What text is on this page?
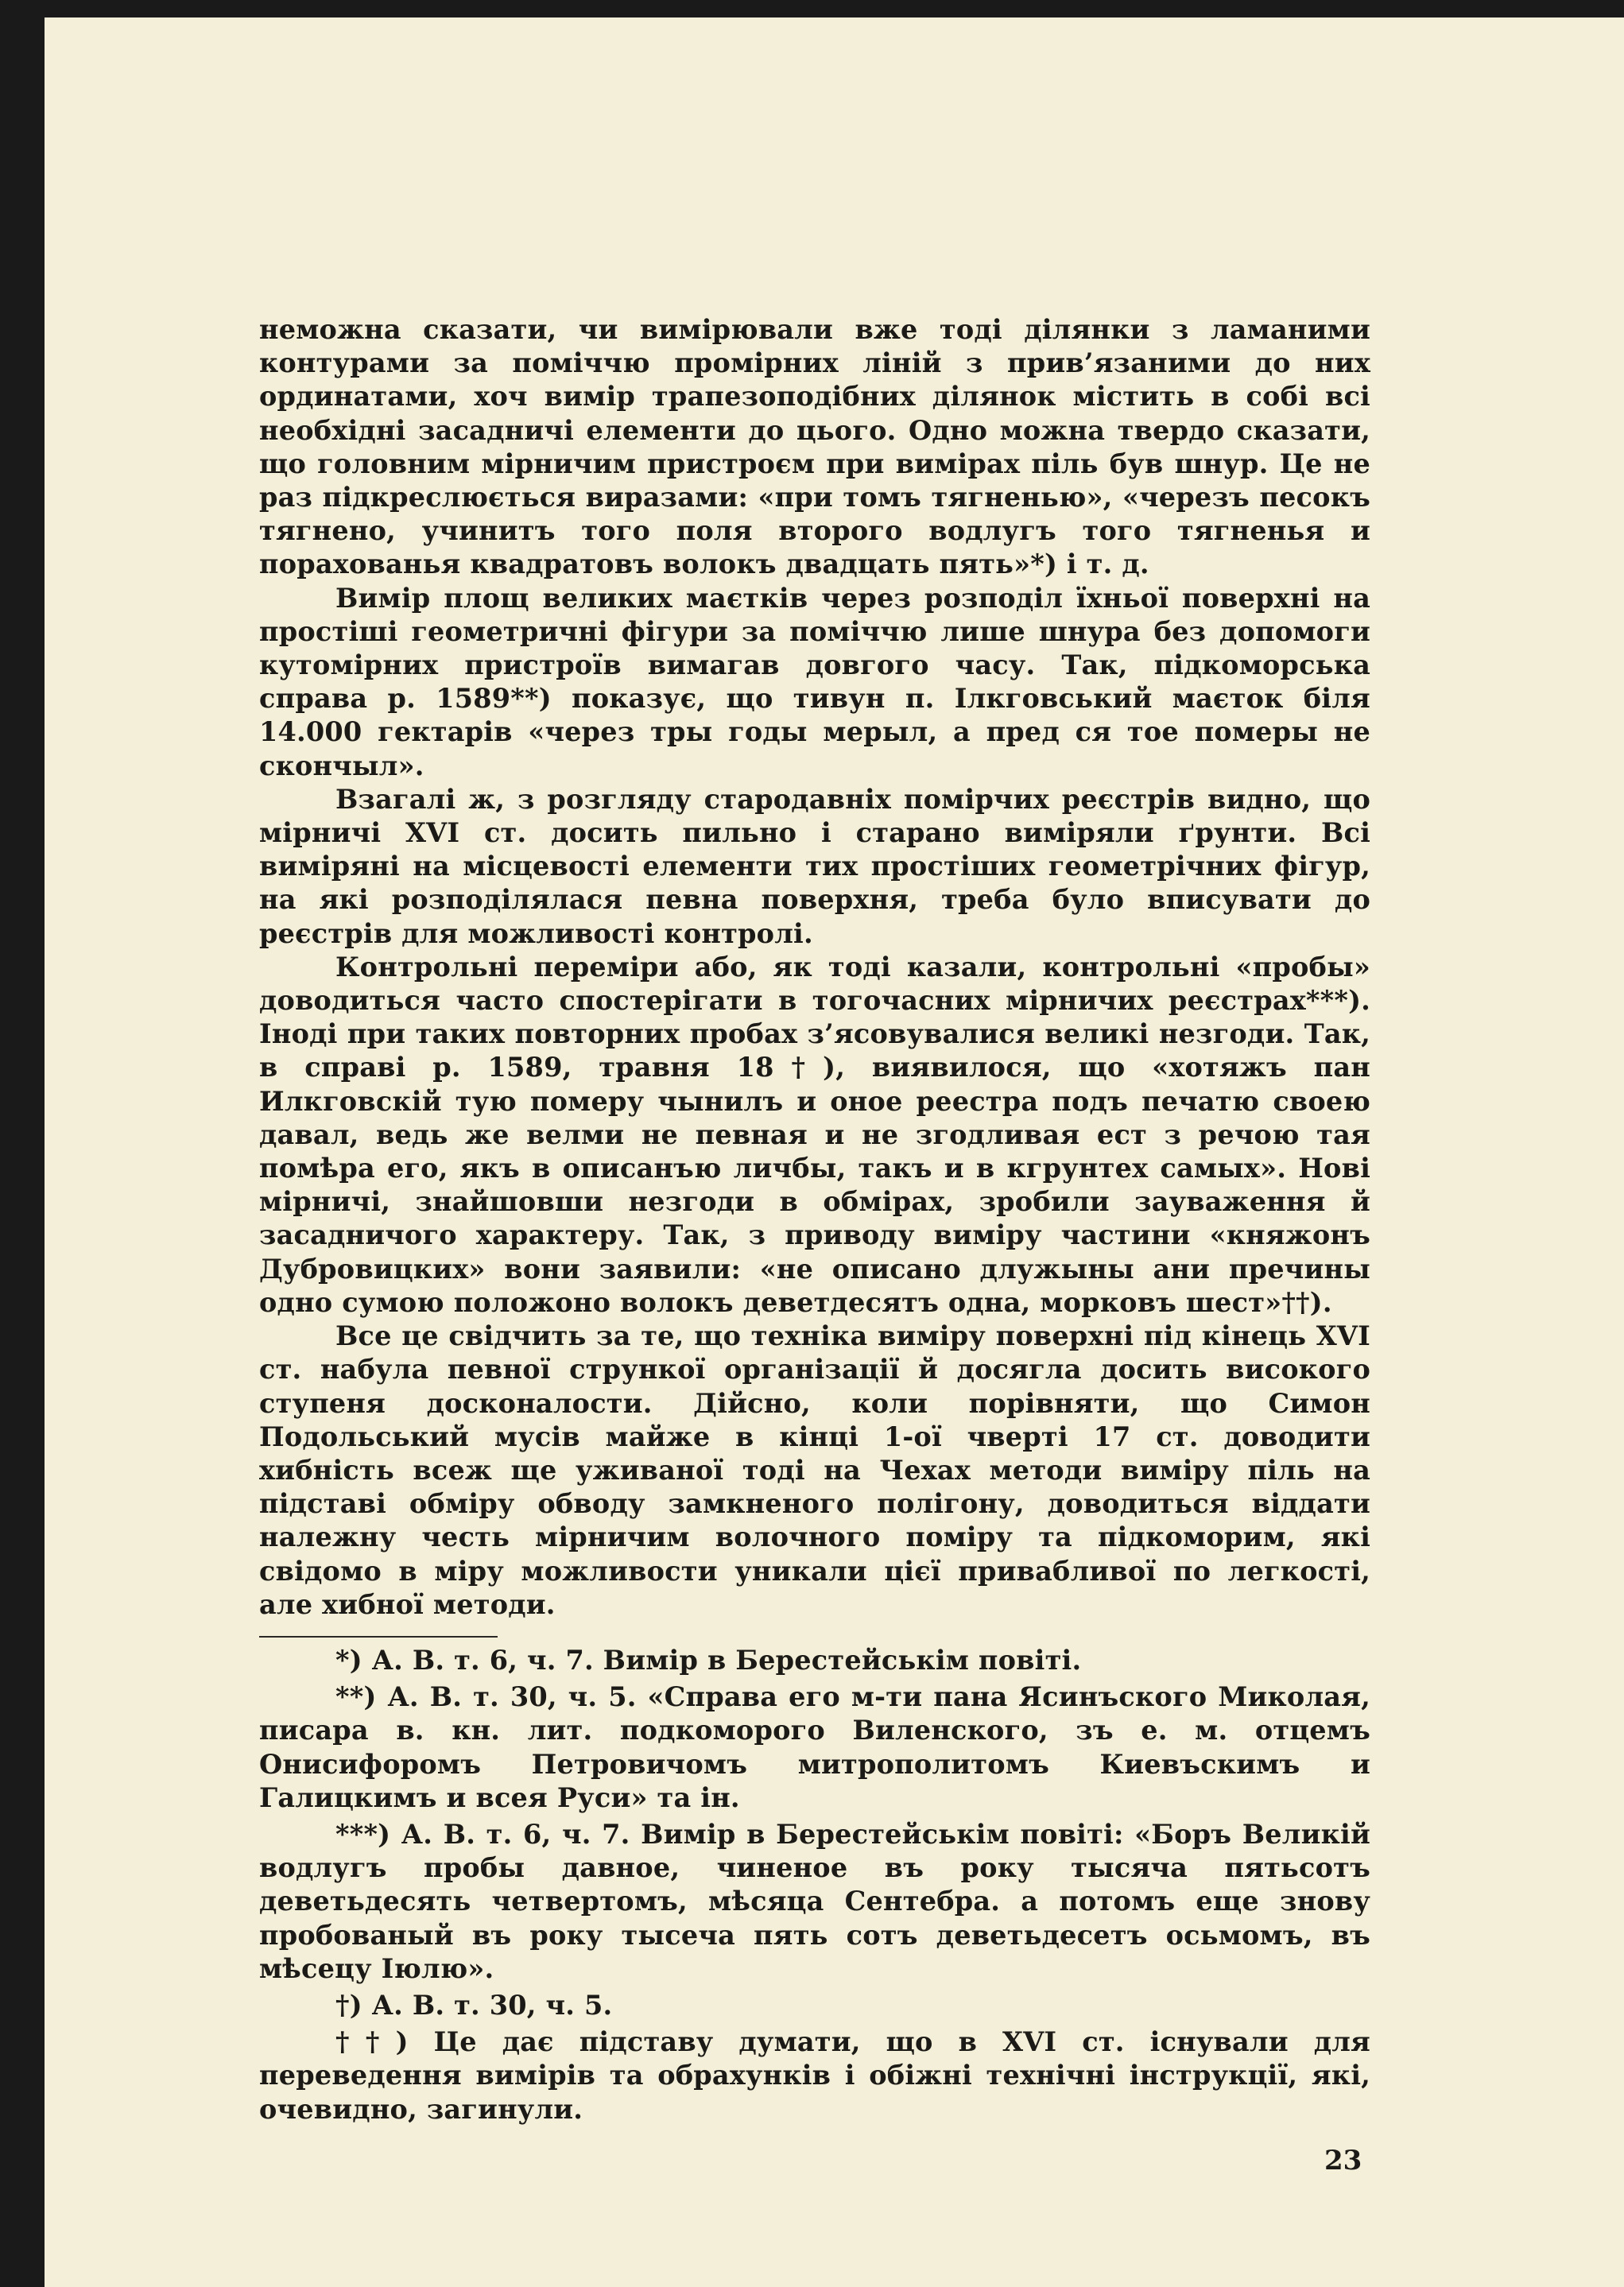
неможна сказати, чи вимірювали вже тоді ділянки з ламаними контурами за поміччю промірних ліній з прив’язаними до них ординатами, хоч вимір трапезоподібних ділянок містить в собі всі необхідні засадничі елементи до цього. Одно можна твердо сказати, що головним мірничим пристроєм при вимірах піль був шнур. Це не раз підкреслюється виразами: «при томъ тягненью», «черезъ песокъ тягнено, учинитъ того поля второго водлугъ того тягненья и порахованья квадратовъ волокъ двадцать пять»*) і т. д.

Вимір площ великих маєтків через розподіл їхньої поверхні на простіші геометричні фігури за поміччю лише шнура без допомоги кутомірних пристроїв вимагав довгого часу. Так, підкоморська справа р. 1589**) показує, що тивун п. Ілкговський маєток біля 14.000 гектарів «через тры годы мерыл, а пред ся тое померы не скончыл».

Взагалі ж, з розгляду стародавніх помірчих реєстрів видно, що мірничі XVI ст. досить пильно і старано виміряли ґрунти. Всі виміряні на місцевості елементи тих простіших геометрічних фігур, на які розподілялася певна поверхня, треба було вписувати до реєстрів для можливості контролі.

Контрольні переміри або, як тоді казали, контрольні «пробы» доводиться часто спостерігати в тогочасних мірничих реєстрах***). Іноді при таких повторних пробах з’ясовувалися великі незгоди. Так, в справі р. 1589, травня 18†), виявилося, що «хотяжъ пан Илкговскій тую померу чынилъ и оное реестра подъ печатю своею давал, ведь же велми не певная и не згодливая ест з речою тая помѣра его, якъ в описанъю личбы, такъ и в кгрунтех самых». Нові мірничі, знайшовши незгоди в обмірах, зробили зауваження й засадничого характеру. Так, з приводу виміру частини «княжонъ Дубровицких» вони заявили: «не описано длужыны ани пречины одно сумою положоно волокъ деветдесятъ одна, морковъ шест»††).

Все це свідчить за те, що техніка виміру поверхні під кінець XVI ст. набула певної стрункої організації й досягла досить високого ступеня досконалости. Дійсно, коли порівняти, що Симон Подольський мусів майже в кінці 1-ої чверті 17 ст. доводити хибність всеж ще уживаної тоді на Чехах методи виміру піль на підставі обміру обводу замкненого полігону, доводиться віддати належну честь мірничим волочного поміру та підкоморим, які свідомо в міру можливости уникали цієї привабливої по легкості, але хибної методи.

*) А. В. т. 6, ч. 7. Вимір в Берестейськім повіті.

**) А. В. т. 30, ч. 5. «Справа его м-ти пана Ясинъского Миколая, писара в. кн. лит. подкоморого Виленского, зъ е. м. отцемъ Онисифоромъ Петровичомъ митрополитомъ Киевъскимъ и Галицкимъ и всея Руси» та ін.

***) А. В. т. 6, ч. 7. Вимір в Берестейськім повіті: «Боръ Великій водлугъ пробы давное, чиненое въ року тысяча пятьсотъ деветьдесять четвертомъ, мѣсяца Сентебра. а потомъ еще знову пробованый въ року тысеча пять сотъ деветьдесетъ осьмомъ, въ мѣсецу Іюлю».

†) А. В. т. 30, ч. 5.

††) Це дає підставу думати, що в XVI ст. існували для переведення вимірів та обрахунків і обіжні технічні інструкції, які, очевидно, загинули.

23
